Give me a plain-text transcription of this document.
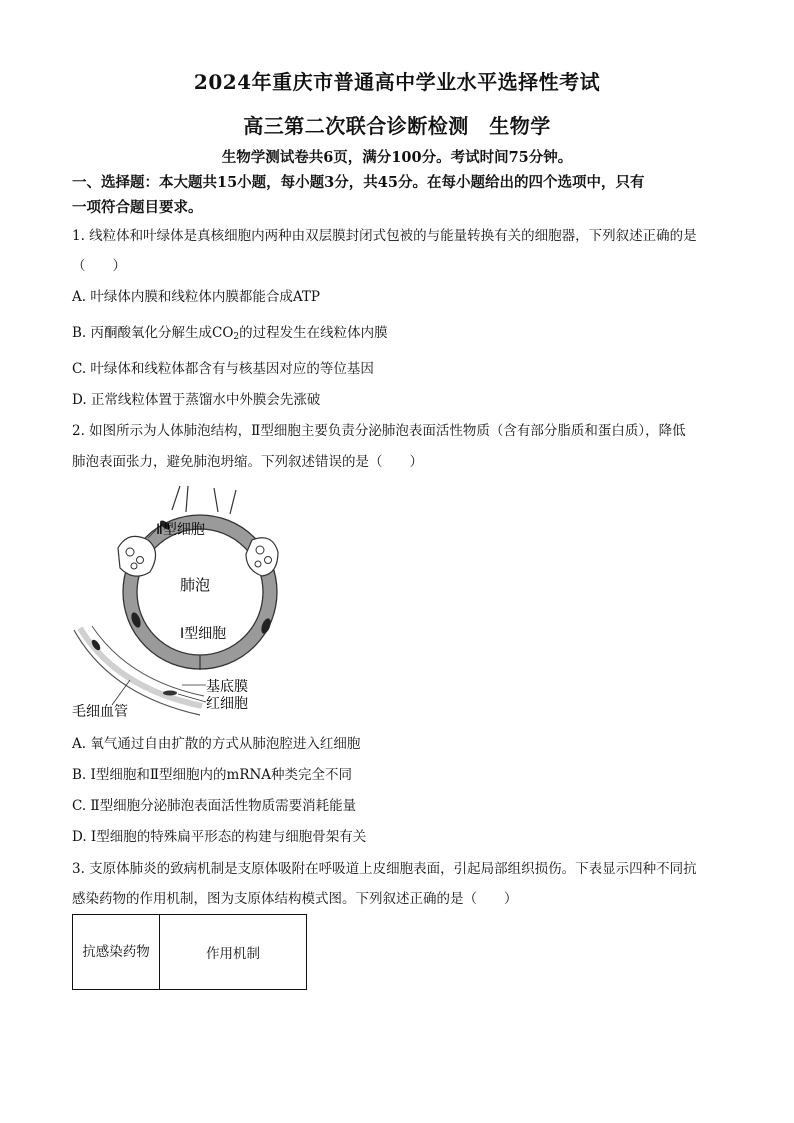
2024年重庆市普通高中学业水平选择性考试
高三第二次联合诊断检测　生物学
生物学测试卷共6页，满分100分。考试时间75分钟。
一、选择题：本大题共15小题，每小题3分，共45分。在每小题给出的四个选项中，只有
一项符合题目要求。
1. 线粒体和叶绿体是真核细胞内两种由双层膜封闭式包被的与能量转换有关的细胞器，下列叙述正确的是
（　　）
A. 叶绿体内膜和线粒体内膜都能合成ATP
B. 丙酮酸氧化分解生成$CO_2$的过程发生在线粒体内膜
C. 叶绿体和线粒体都含有与核基因对应的等位基因
D. 正常线粒体置于蒸馏水中外膜会先涨破
2. 如图所示为人体肺泡结构，Ⅱ型细胞主要负责分泌肺泡表面活性物质（含有部分脂质和蛋白质），降低
肺泡表面张力，避免肺泡坍缩。下列叙述错误的是（　　）
Ⅱ型细胞
肺泡
Ⅰ型细胞
基底膜
红细胞
毛细血管
A. 氧气通过自由扩散的方式从肺泡腔进入红细胞
B. Ⅰ型细胞和Ⅱ型细胞内的mRNA种类完全不同
C. Ⅱ型细胞分泌肺泡表面活性物质需要消耗能量
D. Ⅰ型细胞的特殊扁平形态的构建与细胞骨架有关
3. 支原体肺炎的致病机制是支原体吸附在呼吸道上皮细胞表面，引起局部组织损伤。下表显示四种不同抗
感染药物的作用机制，图为支原体结构模式图。下列叙述正确的是（　　）
抗感染药物	作用机制
